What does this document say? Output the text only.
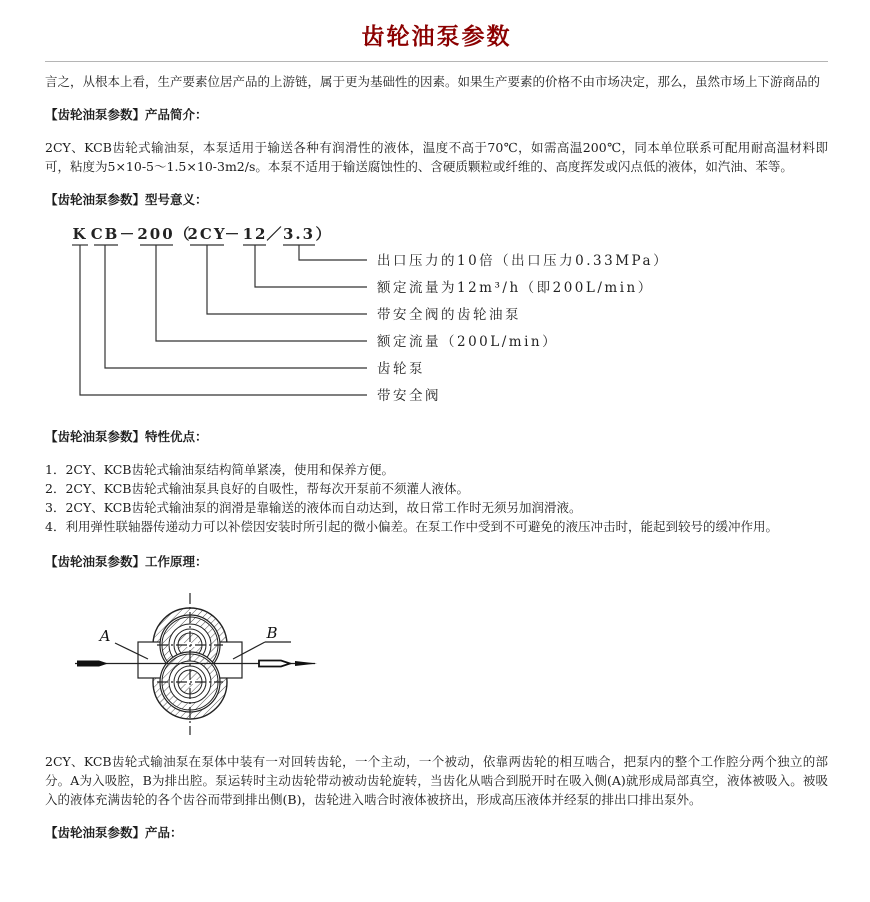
齿轮油泵参数

言之，从根本上看，生产要素位居产品的上游链，属于更为基础性的因素。如果生产要素的价格不由市场决定，那么，虽然市场上下游商品的

【齿轮油泵参数】产品简介：

2CY、KCB齿轮式输油泵，本泵适用于输送各种有润滑性的液体，温度不高于70℃，如需高温200℃，同本单位联系可配用耐高温材料即可，粘度为5×10-5～1.5×10-3m2/s。本泵不适用于输送腐蚀性的、含硬质颗粒或纤维的、高度挥发或闪点低的液体，如汽油、苯等。

【齿轮油泵参数】型号意义：

K CB － 200 （
2CY
－ 12 ／ 3.3 ）
出口压力的10倍（出口压力0.33MPa）
额定流量为12m³/h（即200L/min）
带安全阀的齿轮油泵
额定流量（200L/min）
齿轮泵
带安全阀

【齿轮油泵参数】特性优点：

1．2CY、KCB齿轮式输油泵结构简单紧凑，使用和保养方便。

2．2CY、KCB齿轮式输油泵具良好的自吸性，帮每次开泵前不须灌人液体。

3．2CY、KCB齿轮式输油泵的润滑是靠输送的液体而自动达到，故日常工作时无须另加润滑液。

4．利用弹性联轴器传递动力可以补偿因安装时所引起的微小偏差。在泵工作中受到不可避免的液压冲击时，能起到较号的缓冲作用。

【齿轮油泵参数】工作原理：

A	B

2CY、KCB齿轮式输油泵在泵体中装有一对回转齿轮，一个主动，一个被动，依靠两齿轮的相互啮合，把泵内的整个工作腔分两个独立的部分。A为入吸腔，B为排出腔。泵运转时主动齿轮带动被动齿轮旋转，当齿化从啮合到脱开时在吸入侧(A)就形成局部真空，液体被吸入。被吸入的液体充满齿轮的各个齿谷而带到排出侧(B)，齿轮进入啮合时液体被挤出，形成高压液体并经泵的排出口排出泵外。

【齿轮油泵参数】产品：
